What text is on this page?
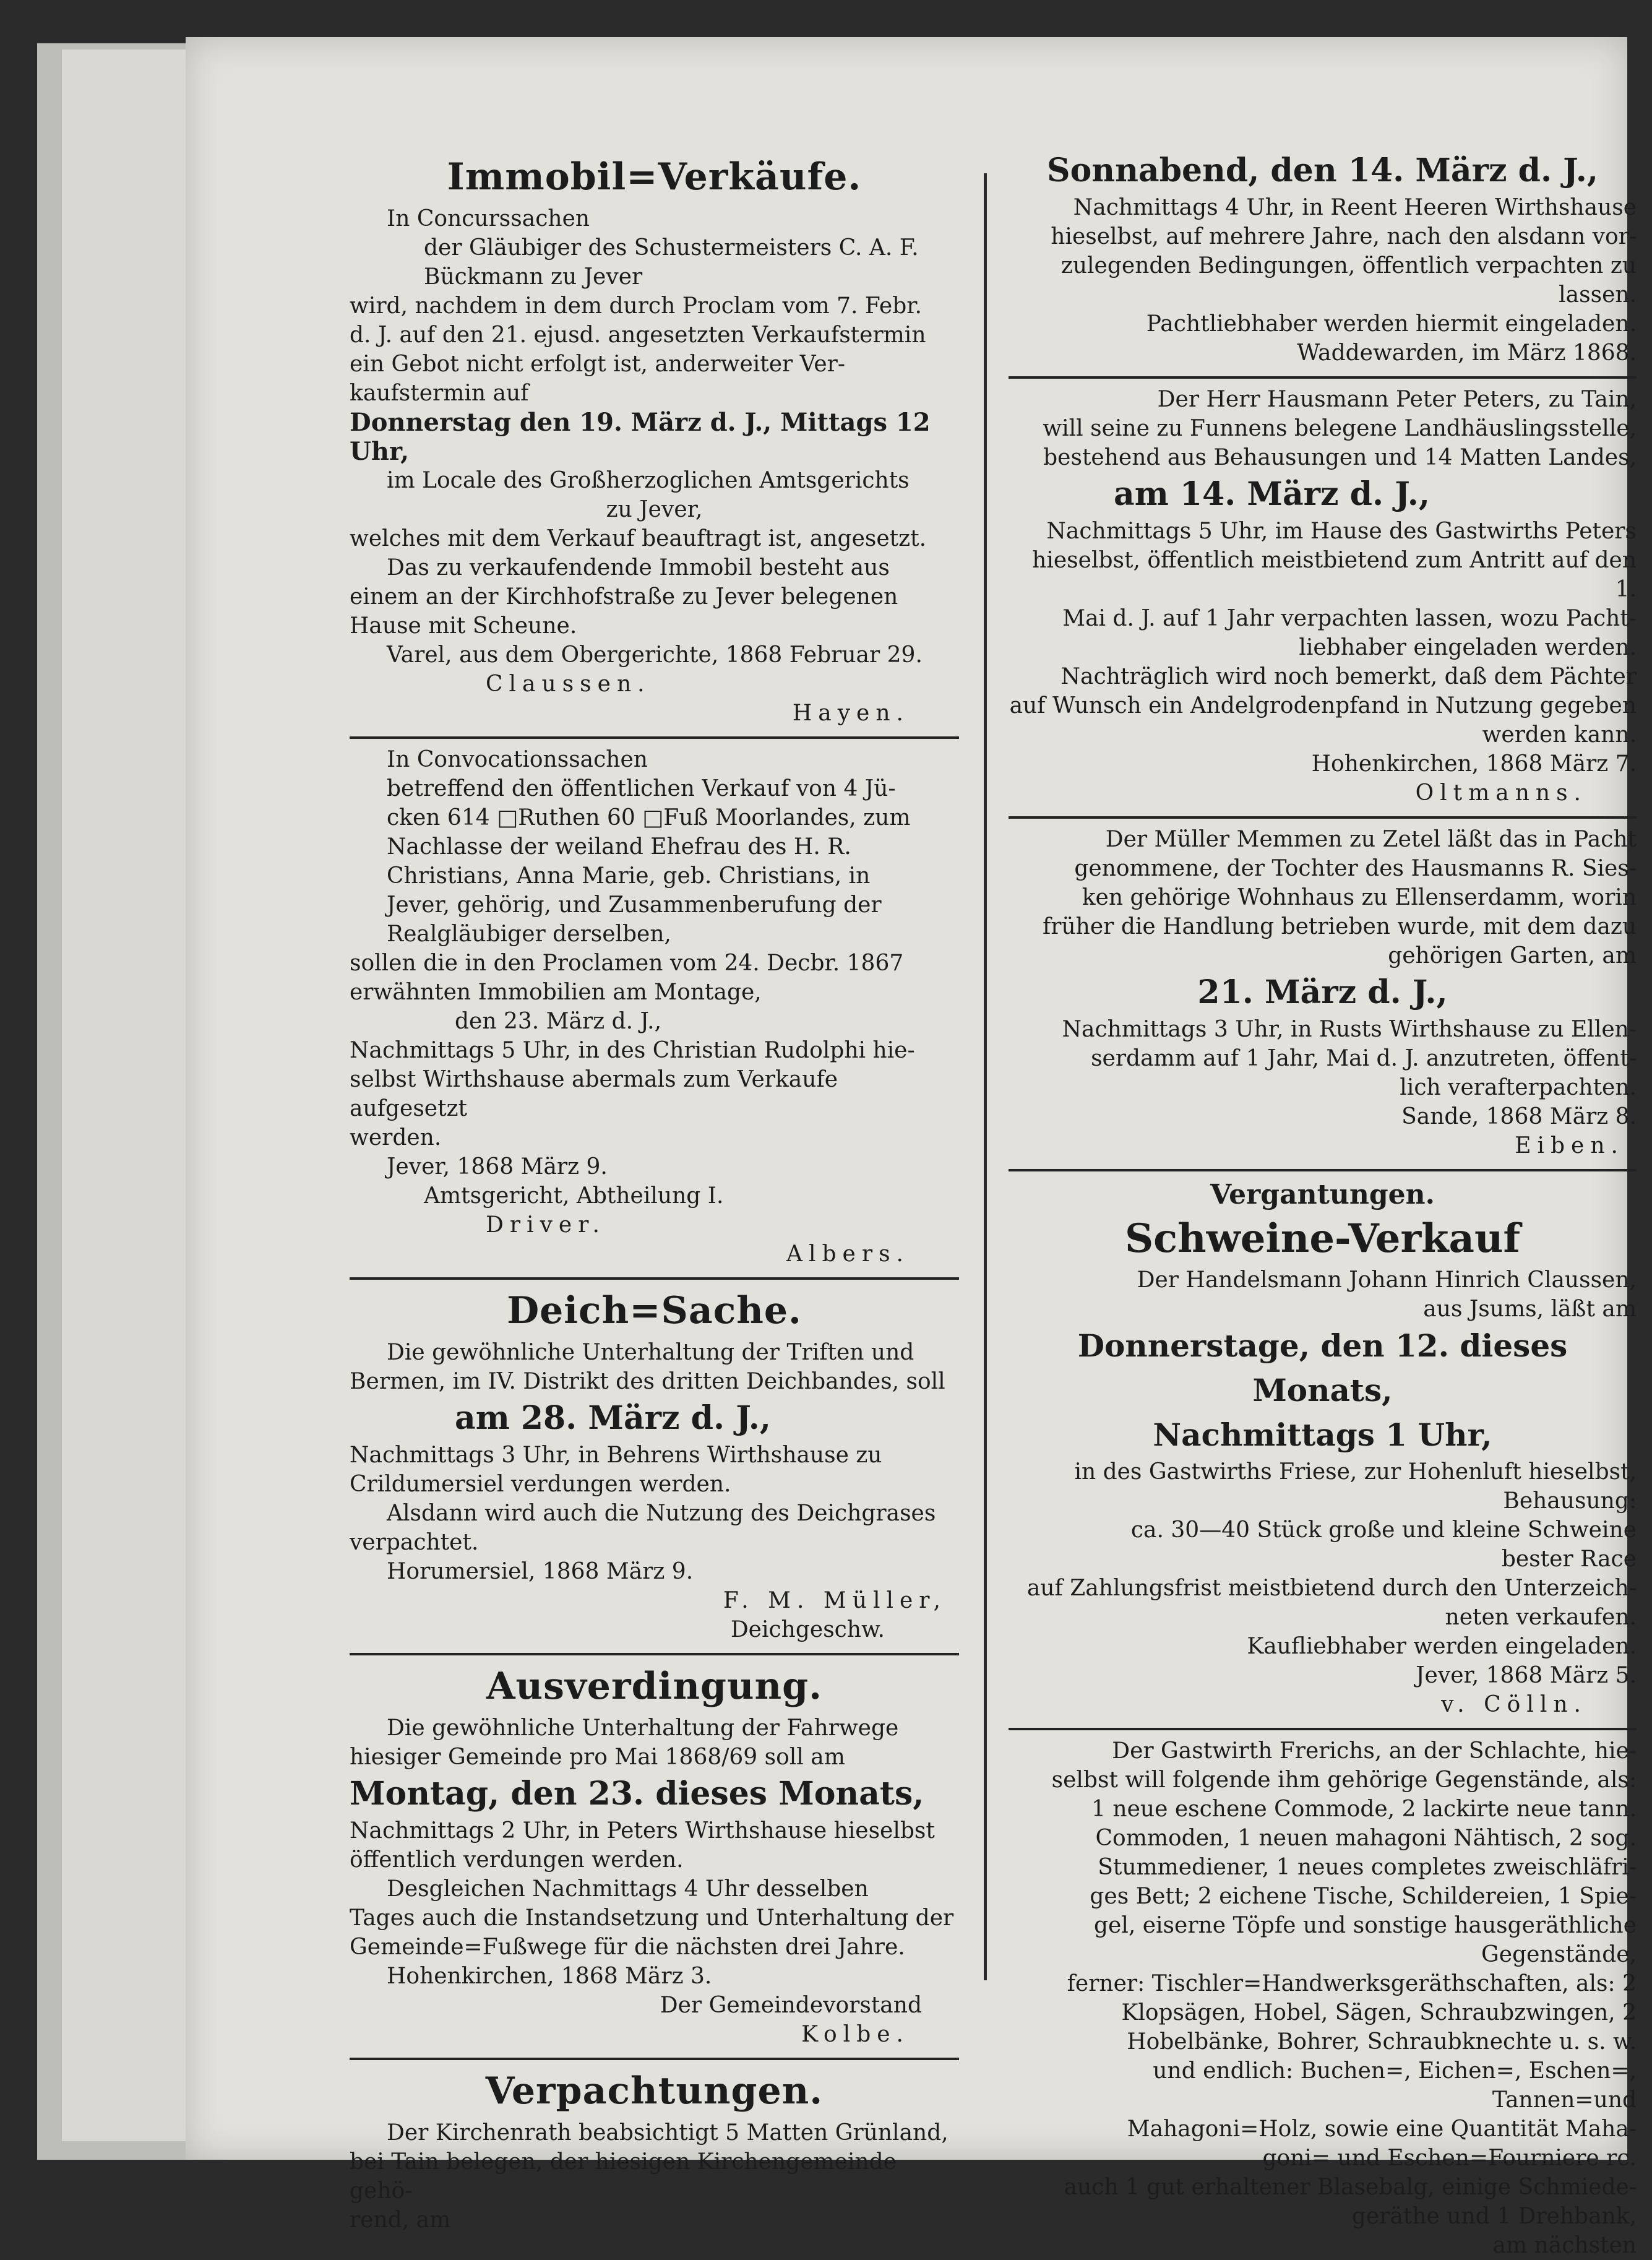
Immobil=Verkäufe.
In Concurssachen
der Gläubiger des Schustermeisters C. A. F.
Bückmann zu Jever
wird, nachdem in dem durch Proclam vom 7. Febr.
d. J. auf den 21. ejusd. angesetzten Verkaufstermin
ein Gebot nicht erfolgt ist, anderweiter Ver-
kaufstermin auf
Donnerstag den 19. März d. J., Mittags 12 Uhr,
im Locale des Großherzoglichen Amtsgerichts
zu Jever,
welches mit dem Verkauf beauftragt ist, angesetzt.
Das zu verkaufendende Immobil besteht aus
einem an der Kirchhofstraße zu Jever belegenen
Hause mit Scheune.
Varel, aus dem Obergerichte, 1868 Februar 29.
Claussen.
Hayen.
In Convocationssachen
betreffend den öffentlichen Verkauf von 4 Jü-
cken 614 □Ruthen 60 □Fuß Moorlandes, zum
Nachlasse der weiland Ehefrau des H. R.
Christians, Anna Marie, geb. Christians, in
Jever, gehörig, und Zusammenberufung der
Realgläubiger derselben,
sollen die in den Proclamen vom 24. Decbr. 1867
erwähnten Immobilien am Montage,
den 23. März d. J.,
Nachmittags 5 Uhr, in des Christian Rudolphi hie-
selbst Wirthshause abermals zum Verkaufe aufgesetzt
werden.
Jever, 1868 März 9.
Amtsgericht, Abtheilung I.
Driver.
Albers.
Deich=Sache.
Die gewöhnliche Unterhaltung der Triften und
Bermen, im IV. Distrikt des dritten Deichbandes, soll
am 28. März d. J.,
Nachmittags 3 Uhr, in Behrens Wirthshause zu
Crildumersiel verdungen werden.
Alsdann wird auch die Nutzung des Deichgrases
verpachtet.
Horumersiel, 1868 März 9.
F. M. Müller,
Deichgeschw.
Ausverdingung.
Die gewöhnliche Unterhaltung der Fahrwege
hiesiger Gemeinde pro Mai 1868/69 soll am
Montag, den 23. dieses Monats,
Nachmittags 2 Uhr, in Peters Wirthshause hieselbst
öffentlich verdungen werden.
Desgleichen Nachmittags 4 Uhr desselben
Tages auch die Instandsetzung und Unterhaltung der
Gemeinde=Fußwege für die nächsten drei Jahre.
Hohenkirchen, 1868 März 3.
Der Gemeindevorstand
Kolbe.
Verpachtungen.
Der Kirchenrath beabsichtigt 5 Matten Grünland,
bei Tain belegen, der hiesigen Kirchengemeinde gehö-
rend, am
Sonnabend, den 14. März d. J.,
Nachmittags 4 Uhr, in Reent Heeren Wirthshause
hieselbst, auf mehrere Jahre, nach den alsdann vor-
zulegenden Bedingungen, öffentlich verpachten zu lassen.
Pachtliebhaber werden hiermit eingeladen.
Waddewarden, im März 1868.
Der Herr Hausmann Peter Peters, zu Tain,
will seine zu Funnens belegene Landhäuslingsstelle,
bestehend aus Behausungen und 14 Matten Landes,
am 14. März d. J.,
Nachmittags 5 Uhr, im Hause des Gastwirths Peters
hieselbst, öffentlich meistbietend zum Antritt auf den 1.
Mai d. J. auf 1 Jahr verpachten lassen, wozu Pacht-
liebhaber eingeladen werden.
Nachträglich wird noch bemerkt, daß dem Pächter
auf Wunsch ein Andelgrodenpfand in Nutzung gegeben
werden kann.
Hohenkirchen, 1868 März 7.
Oltmanns.
Der Müller Memmen zu Zetel läßt das in Pacht
genommene, der Tochter des Hausmanns R. Sies-
ken gehörige Wohnhaus zu Ellenserdamm, worin
früher die Handlung betrieben wurde, mit dem dazu
gehörigen Garten, am
21. März d. J.,
Nachmittags 3 Uhr, in Rusts Wirthshause zu Ellen-
serdamm auf 1 Jahr, Mai d. J. anzutreten, öffent-
lich verafterpachten.
Sande, 1868 März 8.
Eiben.
Vergantungen.
Schweine-Verkauf
Der Handelsmann Johann Hinrich Claussen,
aus Jsums, läßt am
Donnerstage, den 12. dieses Monats,
Nachmittags 1 Uhr,
in des Gastwirths Friese, zur Hohenluft hieselbst,
Behausung:
ca. 30—40 Stück große und kleine Schweine
bester Race
auf Zahlungsfrist meistbietend durch den Unterzeich-
neten verkaufen.
Kaufliebhaber werden eingeladen.
Jever, 1868 März 5.
v. Cölln.
Der Gastwirth Frerichs, an der Schlachte, hie-
selbst will folgende ihm gehörige Gegenstände, als:
1 neue eschene Commode, 2 lackirte neue tann.
Commoden, 1 neuen mahagoni Nähtisch, 2 sog.
Stummediener, 1 neues completes zweischläfri-
ges Bett; 2 eichene Tische, Schildereien, 1 Spie-
gel, eiserne Töpfe und sonstige hausgeräthliche
Gegenstände,
ferner: Tischler=Handwerksgeräthschaften, als: 2
Klopsägen, Hobel, Sägen, Schraubzwingen, 2
Hobelbänke, Bohrer, Schraubknechte u. s. w.
und endlich: Buchen=, Eichen=, Eschen=, Tannen=und
Mahagoni=Holz, sowie eine Quantität Maha-
goni= und Eschen=Fourniere rc.
auch 1 gut erhaltener Blasebalg, einige Schmiede-
geräthe und 1 Drehbank,
am nächsten
